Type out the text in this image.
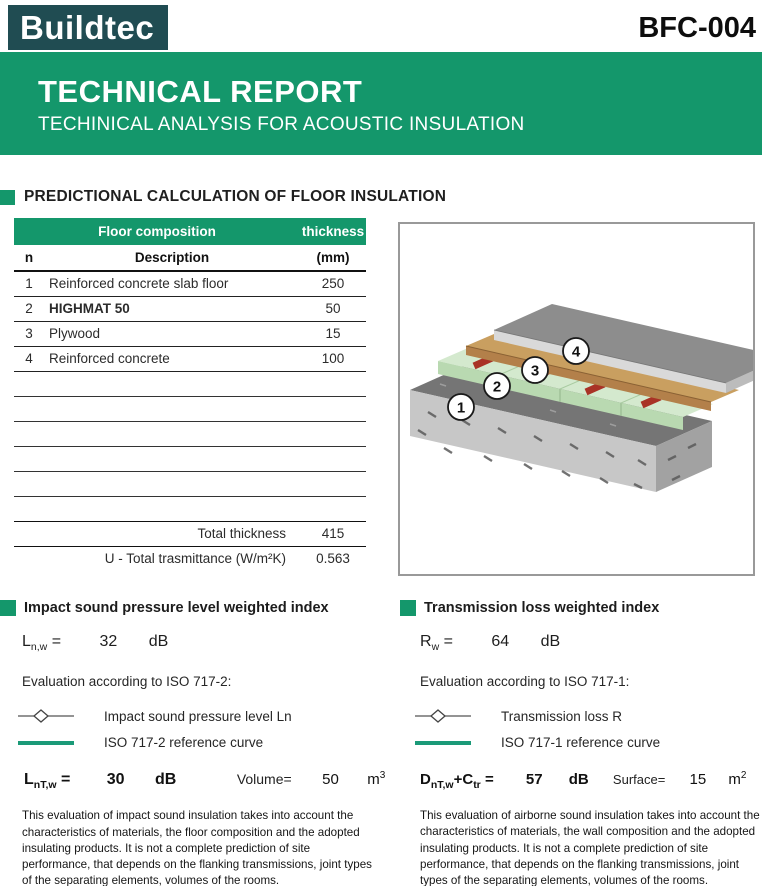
Buildtec	BFC-004
TECHNICAL REPORT
TECHINICAL ANALYSIS FOR ACOUSTIC INSULATION
PREDICTIONAL CALCULATION OF FLOOR INSULATION
Floor composition		thickness
n	Description	(mm)
1	Reinforced concrete slab floor	250
2	HIGHMAT 50	50
3	Plywood	15
4	Reinforced concrete	100

Total thickness		415
U - Total trasmittance (W/m²K)		0.563
1
2
3
4
Impact sound pressure level weighted index
$L_{n,w} = 32$ dB
Evaluation according to ISO 717-2:
Impact sound pressure level Ln
ISO 717-2 reference curve
$L_{nT,w} = 30$ dB	Volume= 50 $m^3$

This evaluation of impact sound insulation takes into account the characteristics of materials, the floor composition and the adopted insulating products. It is not a complete prediction of site performance, that depends on the flanking transmissions, joint types of the separating elements, volumes of the rooms.

Transmission loss weighted index
$R_w = 64$ dB
Evaluation according to ISO 717-1:
Transmission loss R
ISO 717-1 reference curve
$D_{nT,w}+C_{tr} = 57$ dB Surface= 15 $m^2$

This evaluation of airborne sound insulation takes into account the characteristics of materials, the wall composition and the adopted insulating products. It is not a complete prediction of site performance, that depends on the flanking transmissions, joint types of the separating elements, volumes of the rooms.
